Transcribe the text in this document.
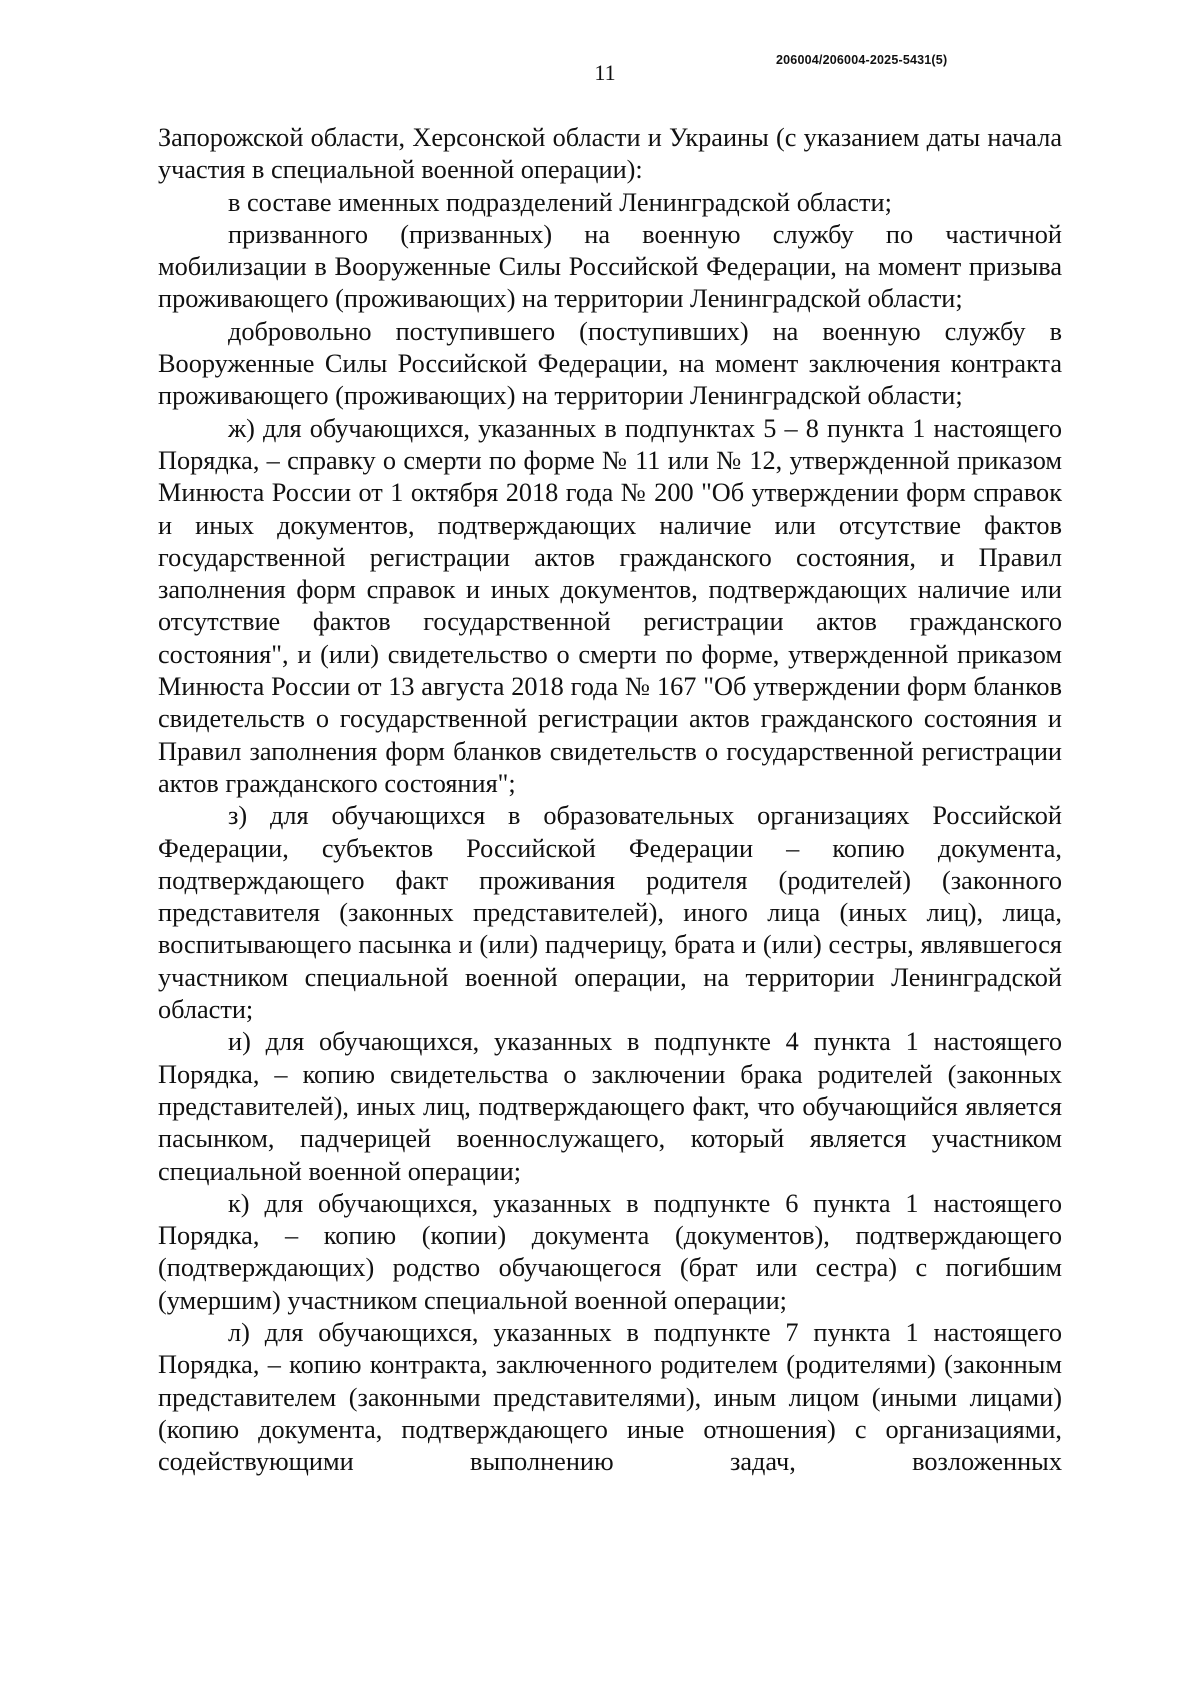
11	206004/206004-2025-5431(5)

Запорожской области, Херсонской области и Украины (с указанием даты начала участия в специальной военной операции):

в составе именных подразделений Ленинградской области;

призванного (призванных) на военную службу по частичной мобилизации в Вооруженные Силы Российской Федерации, на момент призыва проживающего (проживающих) на территории Ленинградской области;

добровольно поступившего (поступивших) на военную службу в Вооруженные Силы Российской Федерации, на момент заключения контракта проживающего (проживающих) на территории Ленинградской области;

ж) для обучающихся, указанных в подпунктах 5 – 8 пункта 1 настоящего Порядка, – справку о смерти по форме № 11 или № 12, утвержденной приказом Минюста России от 1 октября 2018 года № 200 "Об утверждении форм справок и иных документов, подтверждающих наличие или отсутствие фактов государственной регистрации актов гражданского состояния, и Правил заполнения форм справок и иных документов, подтверждающих наличие или отсутствие фактов государственной регистрации актов гражданского состояния", и (или) свидетельство о смерти по форме, утвержденной приказом Минюста России от 13 августа 2018 года № 167 "Об утверждении форм бланков свидетельств о государственной регистрации актов гражданского состояния и Правил заполнения форм бланков свидетельств о государственной регистрации актов гражданского состояния";

з) для обучающихся в образовательных организациях Российской Федерации, субъектов Российской Федерации – копию документа, подтверждающего факт проживания родителя (родителей) (законного представителя (законных представителей), иного лица (иных лиц), лица, воспитывающего пасынка и (или) падчерицу, брата и (или) сестры, являвшегося участником специальной военной операции, на территории Ленинградской области;

и) для обучающихся, указанных в подпункте 4 пункта 1 настоящего Порядка, – копию свидетельства о заключении брака родителей (законных представителей), иных лиц, подтверждающего факт, что обучающийся является пасынком, падчерицей военнослужащего, который является участником специальной военной операции;

к) для обучающихся, указанных в подпункте 6 пункта 1 настоящего Порядка, – копию (копии) документа (документов), подтверждающего (подтверждающих) родство обучающегося (брат или сестра) с погибшим (умершим) участником специальной военной операции;

л) для обучающихся, указанных в подпункте 7 пункта 1 настоящего Порядка, – копию контракта, заключенного родителем (родителями) (законным представителем (законными представителями), иным лицом (иными лицами) (копию документа, подтверждающего иные отношения) с организациями, содействующими выполнению задач, возложенных
